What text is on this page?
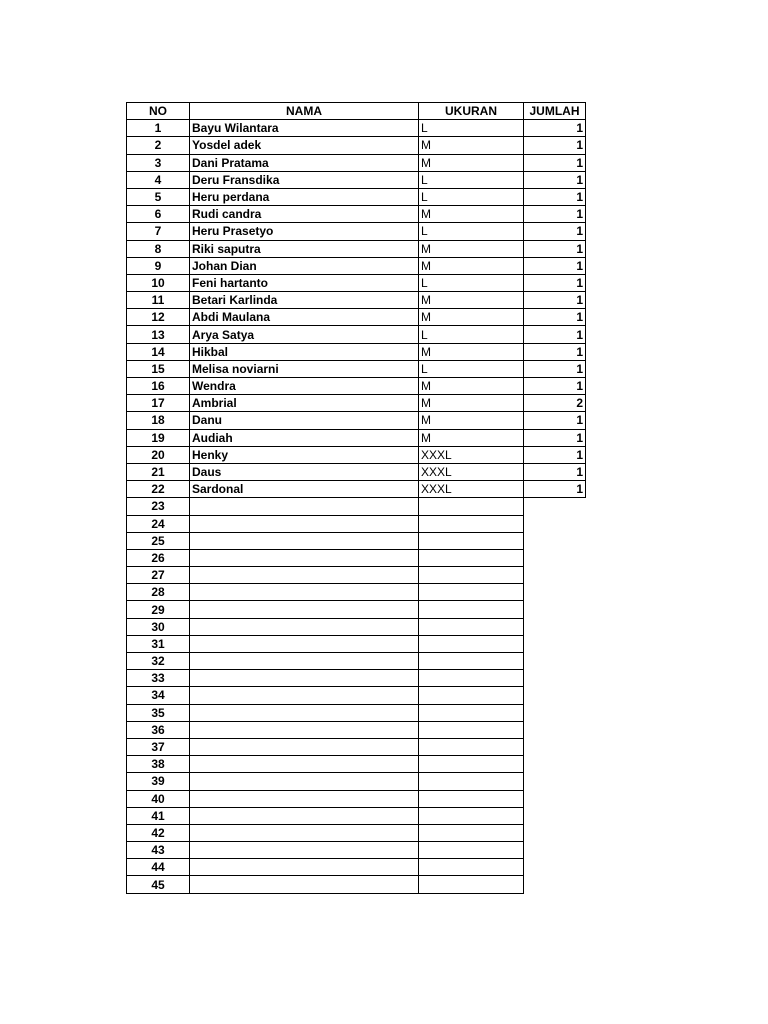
NO	NAMA	UKURAN	JUMLAH
1	Bayu Wilantara	L	1
2	Yosdel adek	M	1
3	Dani Pratama	M	1
4	Deru Fransdika	L	1
5	Heru perdana	L	1
6	Rudi candra	M	1
7	Heru Prasetyo	L	1
8	Riki saputra	M	1
9	Johan Dian	M	1
10	Feni hartanto	L	1
11	Betari Karlinda	M	1
12	Abdi Maulana	M	1
13	Arya Satya	L	1
14	Hikbal	M	1
15	Melisa noviarni	L	1
16	Wendra	M	1
17	Ambrial	M	2
18	Danu	M	1
19	Audiah	M	1
20	Henky	XXXL	1
21	Daus	XXXL	1
22	Sardonal	XXXL	1
23			
24			
25			
26			
27			
28			
29			
30			
31			
32			
33			
34			
35			
36			
37			
38			
39			
40			
41			
42			
43			
44			
45			
